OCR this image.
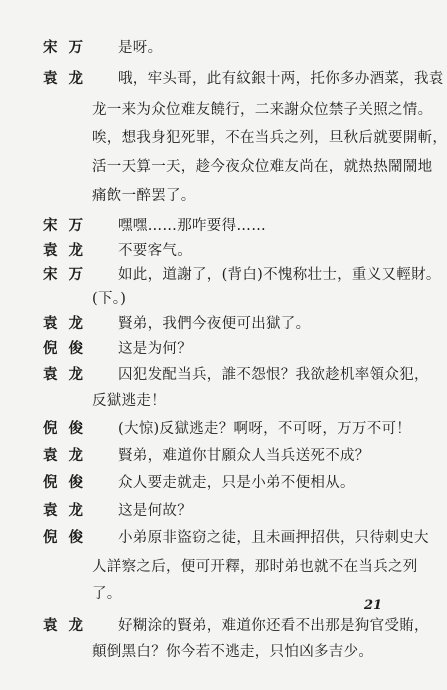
宋万 是呀。
袁龙 哦，牢头哥，此有紋銀十两，托你多办酒菜，我袁
龙一来为众位难友饒行，二来謝众位禁子关照之情。
唉，想我身犯死罪，不在当兵之列，旦秋后就要開斬，
活一天算一天，趁今夜众位难友尚在，就热热鬧鬧地
痛飲一醉罢了。
宋万 嘿嘿……那咋要得……
袁龙 不要客气。
宋万 如此，道謝了，(背白)不愧称壮士，重义又輕財。
(下。)
袁龙 賢弟，我們今夜便可出獄了。
倪俊 这是为何？
袁龙 囚犯发配当兵，誰不怨恨？我欲趁机率領众犯，
反獄逃走！
倪俊 (大惊)反獄逃走？啊呀，不可呀，万万不可！
袁龙 賢弟，难道你甘願众人当兵送死不成？
倪俊 众人要走就走，只是小弟不便相从。
袁龙 这是何故？
倪俊 小弟原非盜窃之徒，且未画押招供，只待刺史大
人詳察之后，便可开釋，那时弟也就不在当兵之列
了。
袁龙 好糊涂的賢弟，难道你还看不出那是狗官受賄，
顛倒黑白？你今若不逃走，只怕凶多吉少。
21
